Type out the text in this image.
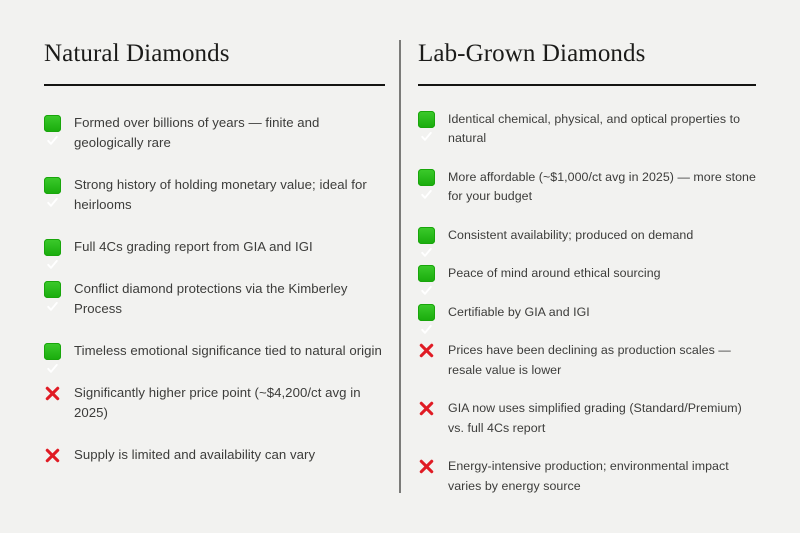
Natural Diamonds
Formed over billions of years — finite and geologically rare
Strong history of holding monetary value; ideal for heirlooms
Full 4Cs grading report from GIA and IGI
Conflict diamond protections via the Kimberley Process
Timeless emotional significance tied to natural origin
Significantly higher price point (~$4,200/ct avg in 2025)
Supply is limited and availability can vary
Lab-Grown Diamonds
Identical chemical, physical, and optical properties to natural
More affordable (~$1,000/ct avg in 2025) — more stone for your budget
Consistent availability; produced on demand
Peace of mind around ethical sourcing
Certifiable by GIA and IGI
Prices have been declining as production scales — resale value is lower
GIA now uses simplified grading (Standard/Premium) vs. full 4Cs report
Energy-intensive production; environmental impact varies by energy source
